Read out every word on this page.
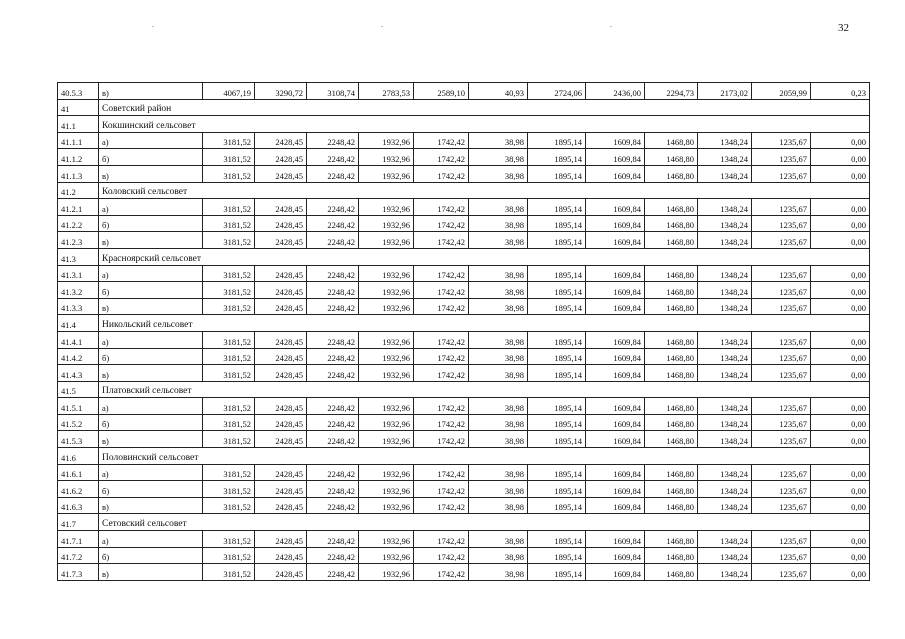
.	.	.	32
40.5.3	в)	4067,19	3290,72	3108,74	2783,53	2589,10	40,93	2724,06	2436,00	2294,73	2173,02	2059,99	0,23
41	Советский район												
41.1	Кокшинский сельсовет												
41.1.1	а)	3181,52	2428,45	2248,42	1932,96	1742,42	38,98	1895,14	1609,84	1468,80	1348,24	1235,67	0,00
41.1.2	б)	3181,52	2428,45	2248,42	1932,96	1742,42	38,98	1895,14	1609,84	1468,80	1348,24	1235,67	0,00
41.1.3	в)	3181,52	2428,45	2248,42	1932,96	1742,42	38,98	1895,14	1609,84	1468,80	1348,24	1235,67	0,00
41.2	Коловский сельсовет												
41.2.1	а)	3181,52	2428,45	2248,42	1932,96	1742,42	38,98	1895,14	1609,84	1468,80	1348,24	1235,67	0,00
41.2.2	б)	3181,52	2428,45	2248,42	1932,96	1742,42	38,98	1895,14	1609,84	1468,80	1348,24	1235,67	0,00
41.2.3	в)	3181,52	2428,45	2248,42	1932,96	1742,42	38,98	1895,14	1609,84	1468,80	1348,24	1235,67	0,00
41.3	Красноярский сельсовет												
41.3.1	а)	3181,52	2428,45	2248,42	1932,96	1742,42	38,98	1895,14	1609,84	1468,80	1348,24	1235,67	0,00
41.3.2	б)	3181,52	2428,45	2248,42	1932,96	1742,42	38,98	1895,14	1609,84	1468,80	1348,24	1235,67	0,00
41.3.3	в)	3181,52	2428,45	2248,42	1932,96	1742,42	38,98	1895,14	1609,84	1468,80	1348,24	1235,67	0,00
41.4	Никольский сельсовет												
41.4.1	а)	3181,52	2428,45	2248,42	1932,96	1742,42	38,98	1895,14	1609,84	1468,80	1348,24	1235,67	0,00
41.4.2	б)	3181,52	2428,45	2248,42	1932,96	1742,42	38,98	1895,14	1609,84	1468,80	1348,24	1235,67	0,00
41.4.3	в)	3181,52	2428,45	2248,42	1932,96	1742,42	38,98	1895,14	1609,84	1468,80	1348,24	1235,67	0,00
41.5	Платовский сельсовет												
41.5.1	а)	3181,52	2428,45	2248,42	1932,96	1742,42	38,98	1895,14	1609,84	1468,80	1348,24	1235,67	0,00
41.5.2	б)	3181,52	2428,45	2248,42	1932,96	1742,42	38,98	1895,14	1609,84	1468,80	1348,24	1235,67	0,00
41.5.3	в)	3181,52	2428,45	2248,42	1932,96	1742,42	38,98	1895,14	1609,84	1468,80	1348,24	1235,67	0,00
41.6	Половинский сельсовет												
41.6.1	а)	3181,52	2428,45	2248,42	1932,96	1742,42	38,98	1895,14	1609,84	1468,80	1348,24	1235,67	0,00
41.6.2	б)	3181,52	2428,45	2248,42	1932,96	1742,42	38,98	1895,14	1609,84	1468,80	1348,24	1235,67	0,00
41.6.3	в)	3181,52	2428,45	2248,42	1932,96	1742,42	38,98	1895,14	1609,84	1468,80	1348,24	1235,67	0,00
41.7	Сетовский сельсовет												
41.7.1	а)	3181,52	2428,45	2248,42	1932,96	1742,42	38,98	1895,14	1609,84	1468,80	1348,24	1235,67	0,00
41.7.2	б)	3181,52	2428,45	2248,42	1932,96	1742,42	38,98	1895,14	1609,84	1468,80	1348,24	1235,67	0,00
41.7.3	в)	3181,52	2428,45	2248,42	1932,96	1742,42	38,98	1895,14	1609,84	1468,80	1348,24	1235,67	0,00
